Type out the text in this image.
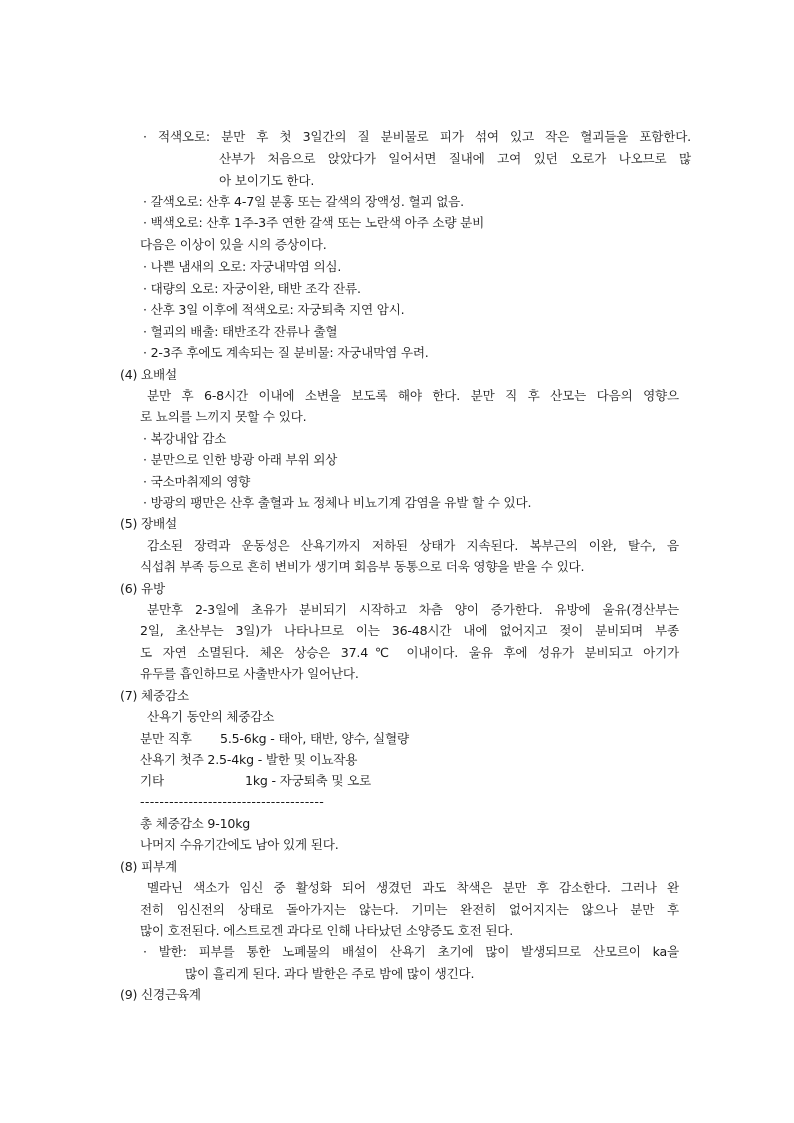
· 적색오로: 분만 후 첫 3일간의 질 분비물로 피가 섞여 있고 작은 혈괴들을 포함한다.
산부가 처음으로 앉았다가 일어서면 질내에 고여 있던 오로가 나오므로 많
아 보이기도 한다.
· 갈색오로: 산후 4-7일 분홍 또는 갈색의 장액성. 혈괴 없음.
· 백색오로: 산후 1주-3주 연한 갈색 또는 노란색 아주 소량 분비
다음은 이상이 있을 시의 증상이다.
· 나쁜 냄새의 오로: 자궁내막염 의심.
· 대량의 오로: 자궁이완, 태반 조각 잔류.
· 산후 3일 이후에 적색오로: 자궁퇴축 지연 암시.
· 혈괴의 배출: 태반조각 잔류나 출혈
· 2-3주 후에도 계속되는 질 분비물: 자궁내막염 우려.
(4) 요배설
분만 후 6-8시간 이내에 소변을 보도록 해야 한다. 분만 직 후 산모는 다음의 영향으
로 뇨의를 느끼지 못할 수 있다.
· 복강내압 감소
· 분만으로 인한 방광 아래 부위 외상
· 국소마취제의 영향
· 방광의 팽만은 산후 출혈과 뇨 정체나 비뇨기계 감염을 유발 할 수 있다.
(5) 장배설
감소된 장력과 운동성은 산욕기까지 저하된 상태가 지속된다. 복부근의 이완, 탈수, 음
식섭취 부족 등으로 흔히 변비가 생기며 회음부 동통으로 더욱 영향을 받을 수 있다.
(6) 유방
분만후 2-3일에 초유가 분비되기 시작하고 차츰 양이 증가한다. 유방에 울유(경산부는
2일, 초산부는 3일)가 나타나므로 이는 36-48시간 내에 없어지고 젖이 분비되며 부종
도 자연 소멸된다. 체온 상승은 37.4℃ 이내이다. 울유 후에 성유가 분비되고 아기가
유두를 흡인하므로 사출반사가 일어난다.
(7) 체중감소
산욕기 동안의 체중감소
분만 직후 5.5-6kg - 태아, 태반, 양수, 실혈량
산욕기 첫주 2.5-4kg - 발한 및 이뇨작용
기타	1kg - 자궁퇴축 및 오로
--------------------------------------
총 체중감소 9-10kg
나머지 수유기간에도 남아 있게 된다.
(8) 피부계
멜라닌 색소가 임신 중 활성화 되어 생겼던 과도 착색은 분만 후 감소한다. 그러나 완
전히 임신전의 상태로 돌아가지는 않는다. 기미는 완전히 없어지지는 않으나 분만 후
많이 호전된다. 에스트로겐 과다로 인해 나타났던 소양증도 호전 된다.
· 발한: 피부를 통한 노폐물의 배설이 산욕기 초기에 많이 발생되므로 산모르이 ka을
많이 흘리게 된다. 과다 발한은 주로 밤에 많이 생긴다.
(9) 신경근육계
